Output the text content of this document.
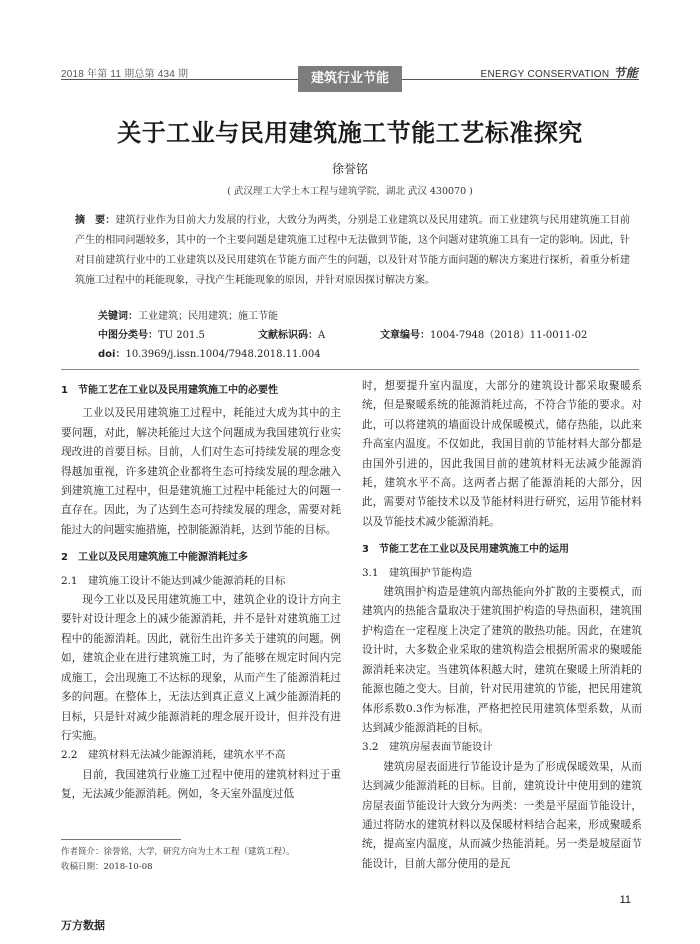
2018 年第 11 期总第 434 期	ENERGY CONSERVATION 节能
建筑行业节能
关于工业与民用建筑施工节能工艺标准探究
徐誉铭
( 武汉理工大学土木工程与建筑学院，湖北 武汉 430070 )
摘　要：建筑行业作为目前大力发展的行业，大致分为两类，分别是工业建筑以及民用建筑。而工业建筑与民用建筑施工目前产生的相同问题较多，其中的一个主要问题是建筑施工过程中无法做到节能，这个问题对建筑施工具有一定的影响。因此，针对目前建筑行业中的工业建筑以及民用建筑在节能方面产生的问题，以及针对节能方面问题的解决方案进行探析，着重分析建筑施工过程中的耗能现象，寻找产生耗能现象的原因，并针对原因探讨解决方案。
关键词：工业建筑；民用建筑；施工节能
中图分类号：TU 201.5	文献标识码：A	文章编号：1004-7948（2018）11-0011-02
doi：10.3969/j.issn.1004/7948.2018.11.004
1　节能工艺在工业以及民用建筑施工中的必要性

工业以及民用建筑施工过程中，耗能过大成为其中的主要问题，对此，解决耗能过大这个问题成为我国建筑行业实现改进的首要目标。目前，人们对生态可持续发展的理念变得越加重视，许多建筑企业都将生态可持续发展的理念融入到建筑施工过程中，但是建筑施工过程中耗能过大的问题一直存在。因此，为了达到生态可持续发展的理念，需要对耗能过大的问题实施措施，控制能源消耗，达到节能的目标。

2　工业以及民用建筑施工中能源消耗过多
2.1　建筑施工设计不能达到减少能源消耗的目标

现今工业以及民用建筑施工中，建筑企业的设计方向主要针对设计理念上的减少能源消耗，并不是针对建筑施工过程中的能源消耗。因此，就衍生出许多关于建筑的问题。例如，建筑企业在进行建筑施工时，为了能够在规定时间内完成施工，会出现施工不达标的现象，从而产生了能源消耗过多的问题。在整体上，无法达到真正意义上减少能源消耗的目标，只是针对减少能源消耗的理念展开设计，但并没有进行实施。

2.2　建筑材料无法减少能源消耗，建筑水平不高

目前，我国建筑行业施工过程中使用的建筑材料过于重复，无法减少能源消耗。例如，冬天室外温度过低

时，想要提升室内温度，大部分的建筑设计都采取聚暖系统，但是聚暖系统的能源消耗过高，不符合节能的要求。对此，可以将建筑的墙面设计成保暖模式，储存热能，以此来升高室内温度。不仅如此，我国目前的节能材料大部分都是由国外引进的，因此我国目前的建筑材料无法减少能源消耗，建筑水平不高。这两者占据了能源消耗的大部分，因此，需要对节能技术以及节能材料进行研究，运用节能材料以及节能技术减少能源消耗。

3　节能工艺在工业以及民用建筑施工中的运用
3.1　建筑围护节能构造

建筑围护构造是建筑内部热能向外扩散的主要模式，而建筑内的热能含量取决于建筑围护构造的导热面积，建筑围护构造在一定程度上决定了建筑的散热功能。因此，在建筑设计时，大多数企业采取的建筑构造会根据所需求的聚暖能源消耗来决定。当建筑体积越大时，建筑在聚暖上所消耗的能源也随之变大。目前，针对民用建筑的节能，把民用建筑体形系数0.3作为标准，严格把控民用建筑体型系数，从而达到减少能源消耗的目标。

3.2　建筑房屋表面节能设计

建筑房屋表面进行节能设计是为了形成保暖效果，从而达到减少能源消耗的目标。目前，建筑设计中使用到的建筑房屋表面节能设计大致分为两类：一类是平屋面节能设计，通过将防水的建筑材料以及保暖材料结合起来，形成聚暖系统，提高室内温度，从而减少热能消耗。另一类是坡屋面节能设计，目前大部分使用的是瓦

作者简介：徐誉铭，大学，研究方向为土木工程（建筑工程）。
收稿日期：2018-10-08
11
万方数据
